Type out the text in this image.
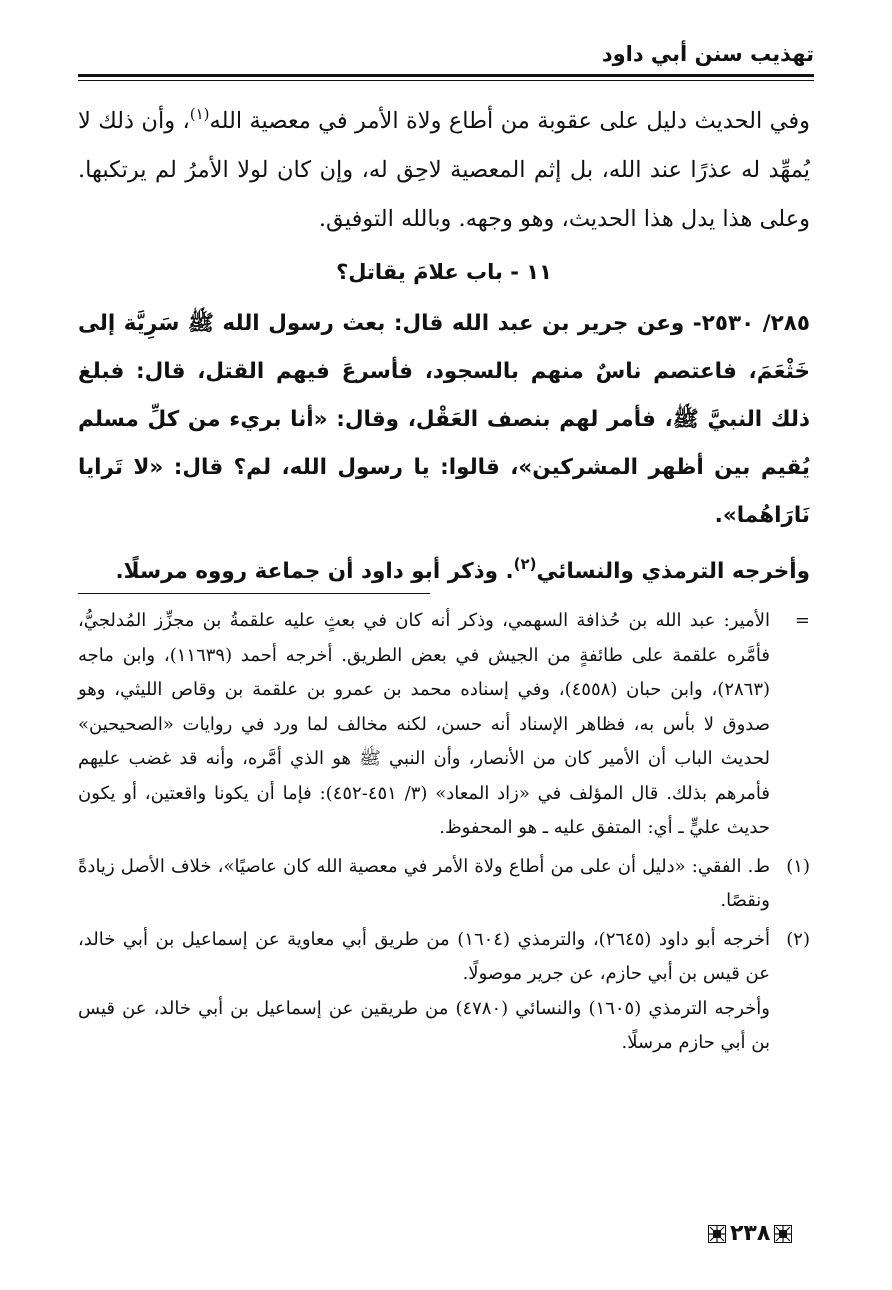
تهذيب سنن أبي داود

وفي الحديث دليل على عقوبة من أطاع ولاة الأمر في معصية الله$^{(١)}$، وأن ذلك لا يُمهِّد له عذرًا عند الله، بل إثم المعصية لاحِق له، وإن كان لولا الأمرُ لم يرتكبها. وعلى هذا يدل هذا الحديث، وهو وجهه. وبالله التوفيق.

١١ - باب علامَ يقاتل؟

٢٨٥/ ٢٥٣٠- وعن جرير بن عبد الله قال: بعث رسول الله ﷺ سَرِيَّة إلى خَثْعَمَ، فاعتصم ناسٌ منهم بالسجود، فأسرعَ فيهم القتل، قال: فبلغ ذلك النبيَّ ﷺ، فأمر لهم بنصف العَقْل، وقال: «أنا بريء من كلِّ مسلم يُقيم بين أظهر المشركين»، قالوا: يا رسول الله، لم؟ قال: «لا تَرايا نَارَاهُما».

وأخرجه الترمذي والنسائي$^{(٢)}$. وذكر أبو داود أن جماعة رووه مرسلًا.

=

الأمير: عبد الله بن حُذافة السهمي، وذكر أنه كان في بعثٍ عليه علقمةُ بن مجزِّز المُدلجيُّ، فأمَّره علقمة على طائفةٍ من الجيش في بعض الطريق. أخرجه أحمد (١١٦٣٩)، وابن ماجه (٢٨٦٣)، وابن حبان (٤٥٥٨)، وفي إسناده محمد بن عمرو بن علقمة بن وقاص الليثي، وهو صدوق لا بأس به، فظاهر الإسناد أنه حسن، لكنه مخالف لما ورد في روايات «الصحيحين» لحديث الباب أن الأمير كان من الأنصار، وأن النبي ﷺ هو الذي أمَّره، وأنه قد غضب عليهم فأمرهم بذلك. قال المؤلف في «زاد المعاد» (٣/ ٤٥١-٤٥٢): فإما أن يكونا واقعتين، أو يكون حديث عليٍّ ـ أي: المتفق عليه ـ هو المحفوظ.

(١)

ط. الفقي: «دليل أن على من أطاع ولاة الأمر في معصية الله كان عاصيًا»، خلاف الأصل زيادةً ونقصًا.

(٢)

أخرجه أبو داود (٢٦٤٥)، والترمذي (١٦٠٤) من طريق أبي معاوية عن إسماعيل بن أبي خالد، عن قيس بن أبي حازم، عن جرير موصولًا.

وأخرجه الترمذي (١٦٠٥) والنسائي (٤٧٨٠) من طريقين عن إسماعيل بن أبي خالد، عن قيس بن أبي حازم مرسلًا.

٢٣٨
